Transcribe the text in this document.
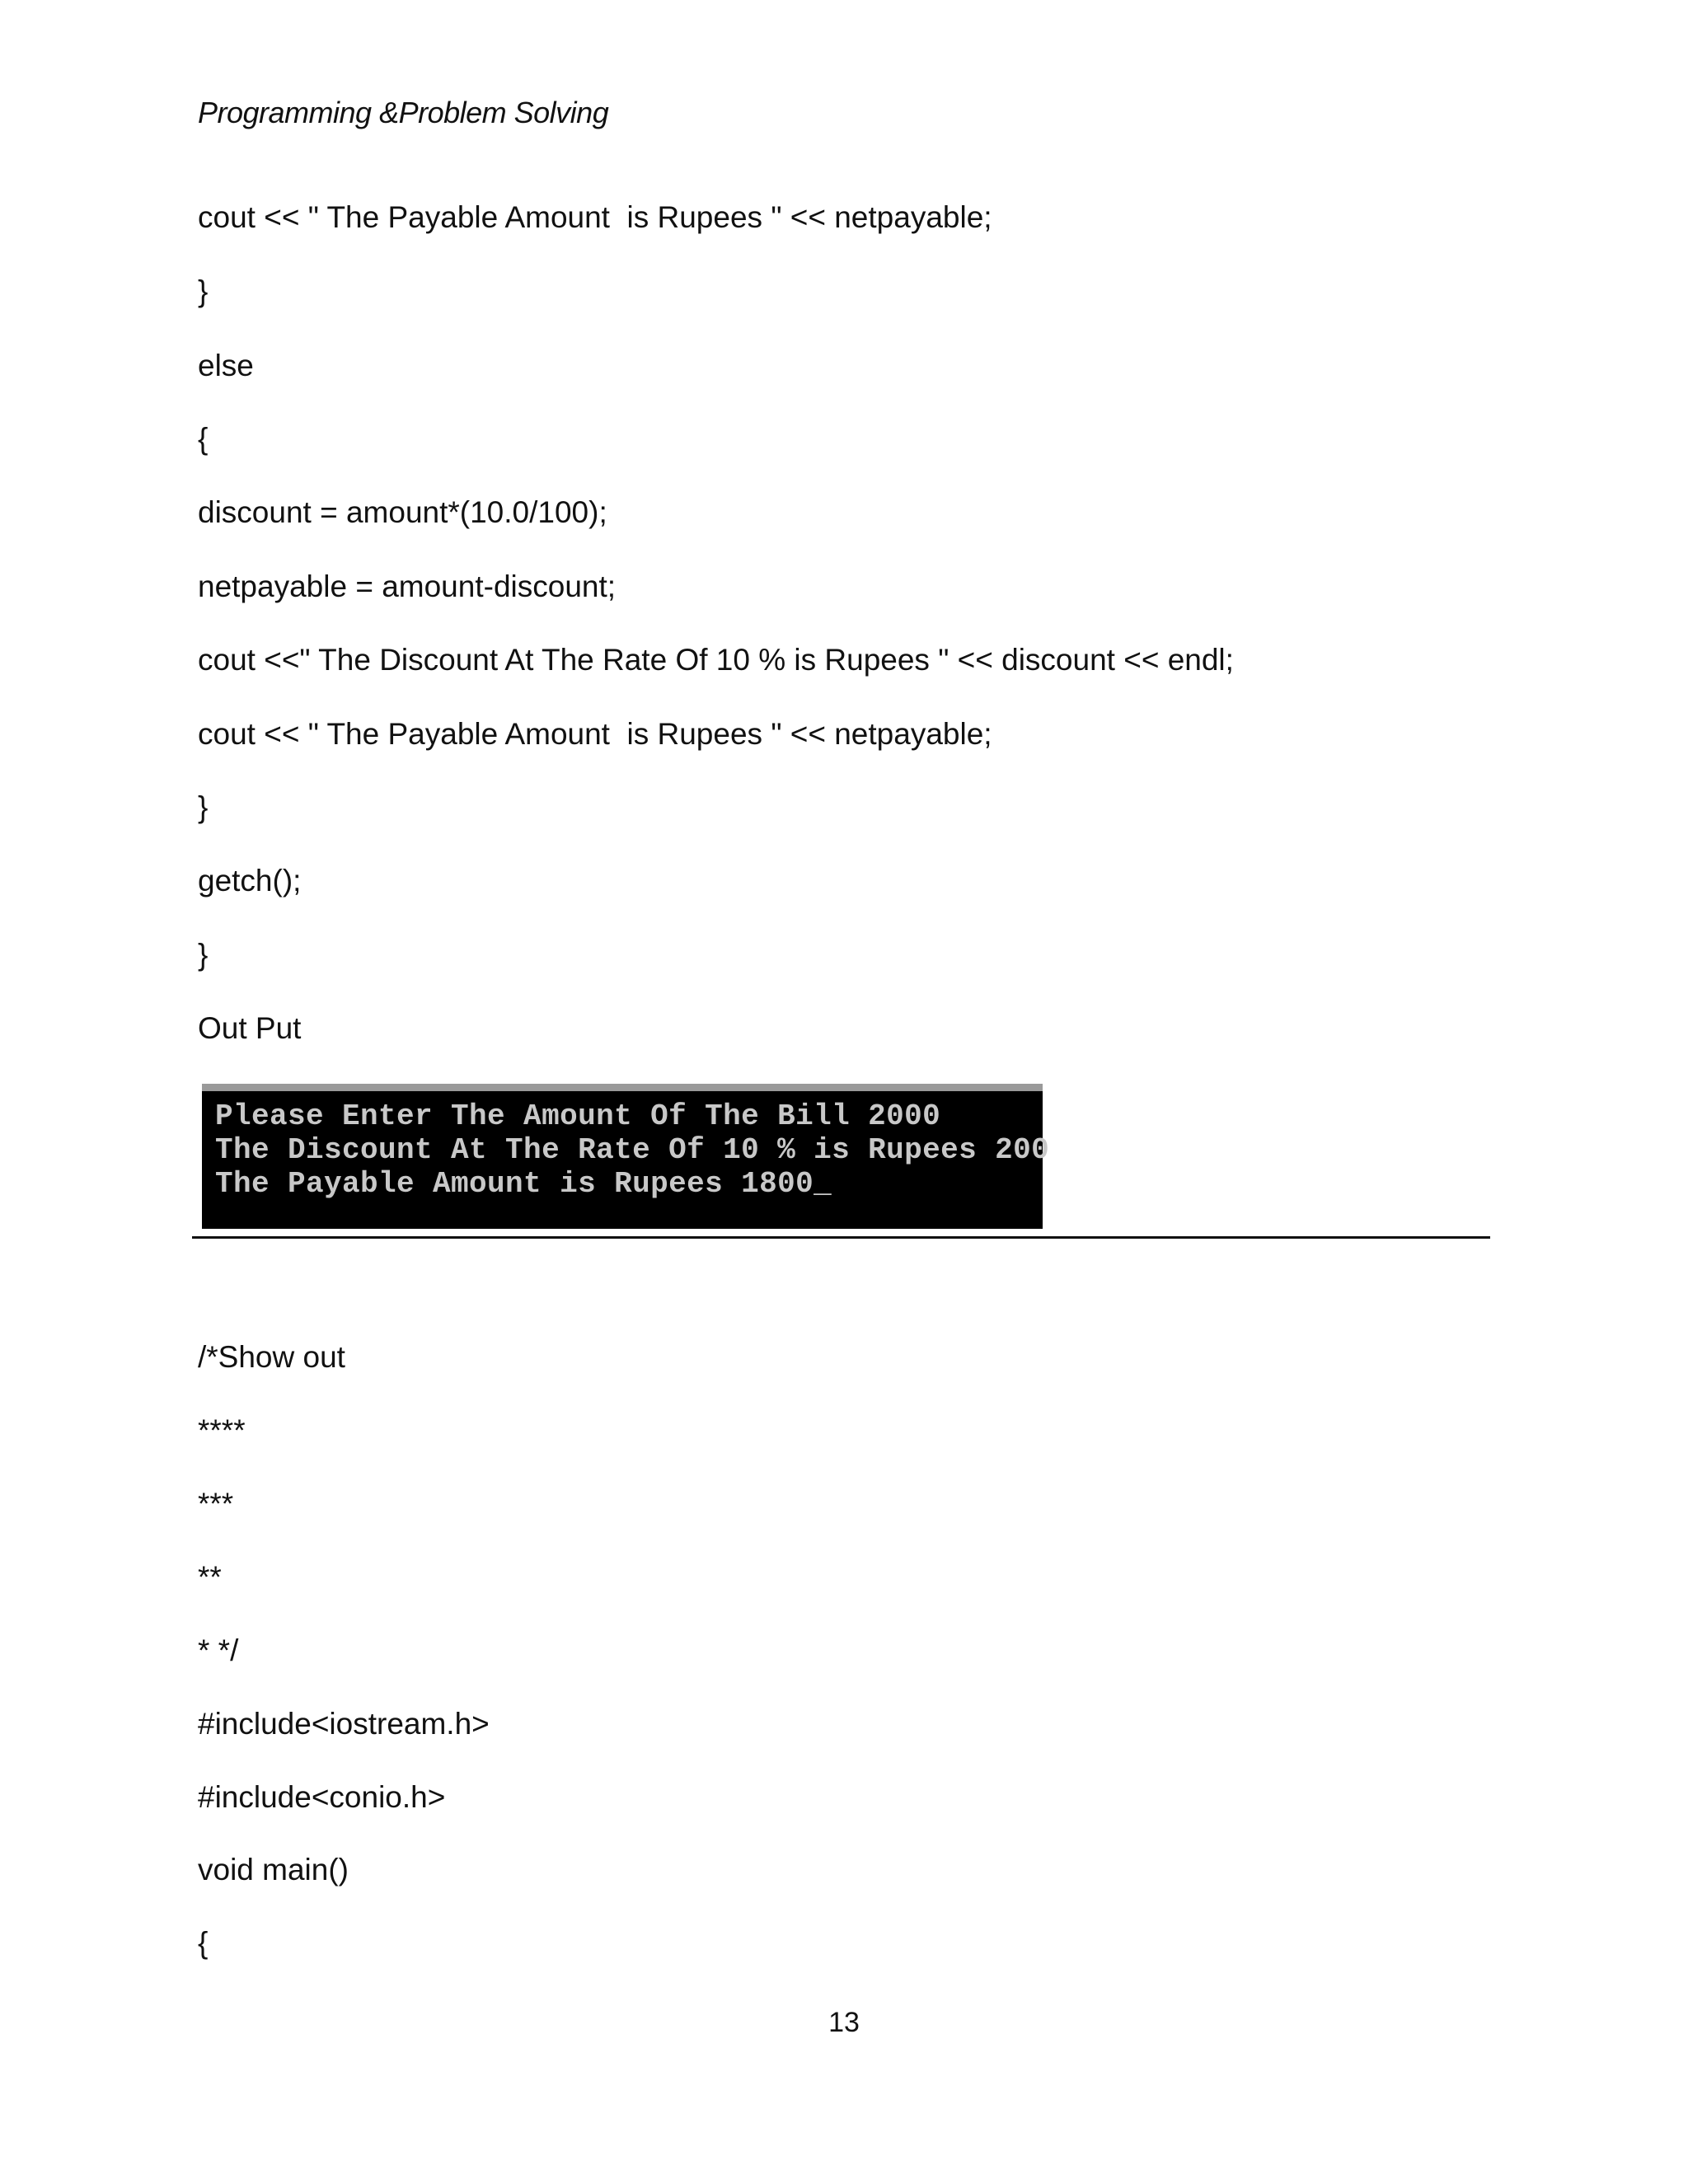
Programming &Problem Solving
cout << " The Payable Amount  is Rupees " << netpayable;
}
else
{
discount = amount*(10.0/100);
netpayable = amount-discount;
cout <<" The Discount At The Rate Of 10 % is Rupees " << discount << endl;
cout << " The Payable Amount  is Rupees " << netpayable;
}
getch();
}
Out Put
Please Enter The Amount Of The Bill 2000
The Discount At The Rate Of 10 % is Rupees 200
The Payable Amount is Rupees 1800_
/*Show out
****
***
**
* */
#include<iostream.h>
#include<conio.h>
void main()
{
13
